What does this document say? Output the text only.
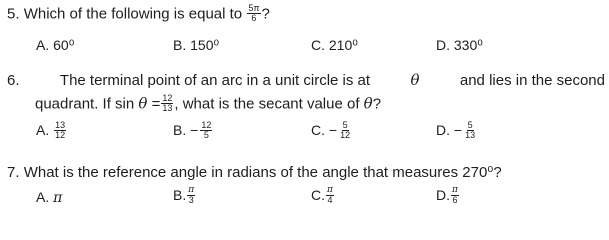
5. Which of the following is equal to $\frac{5\pi}{6}$ ?
A. 60⁰	B. 150⁰	C. 210⁰	D. 330⁰
6.	The terminal point of an arc in a unit circle is at	θ	and lies in the second
quadrant. If $\sin \theta = \frac{12}{13}$ , what is the secant value of θ?
A. $\frac{13}{12}$	B. − $\frac{12}{5}$	C. − $\frac{5}{12}$	D. − $\frac{5}{13}$
7. What is the reference angle in radians of the angle that measures 270⁰?
A. π	B. $\frac{\pi}{3}$	C. $\frac{\pi}{4}$	D. $\frac{\pi}{6}$
